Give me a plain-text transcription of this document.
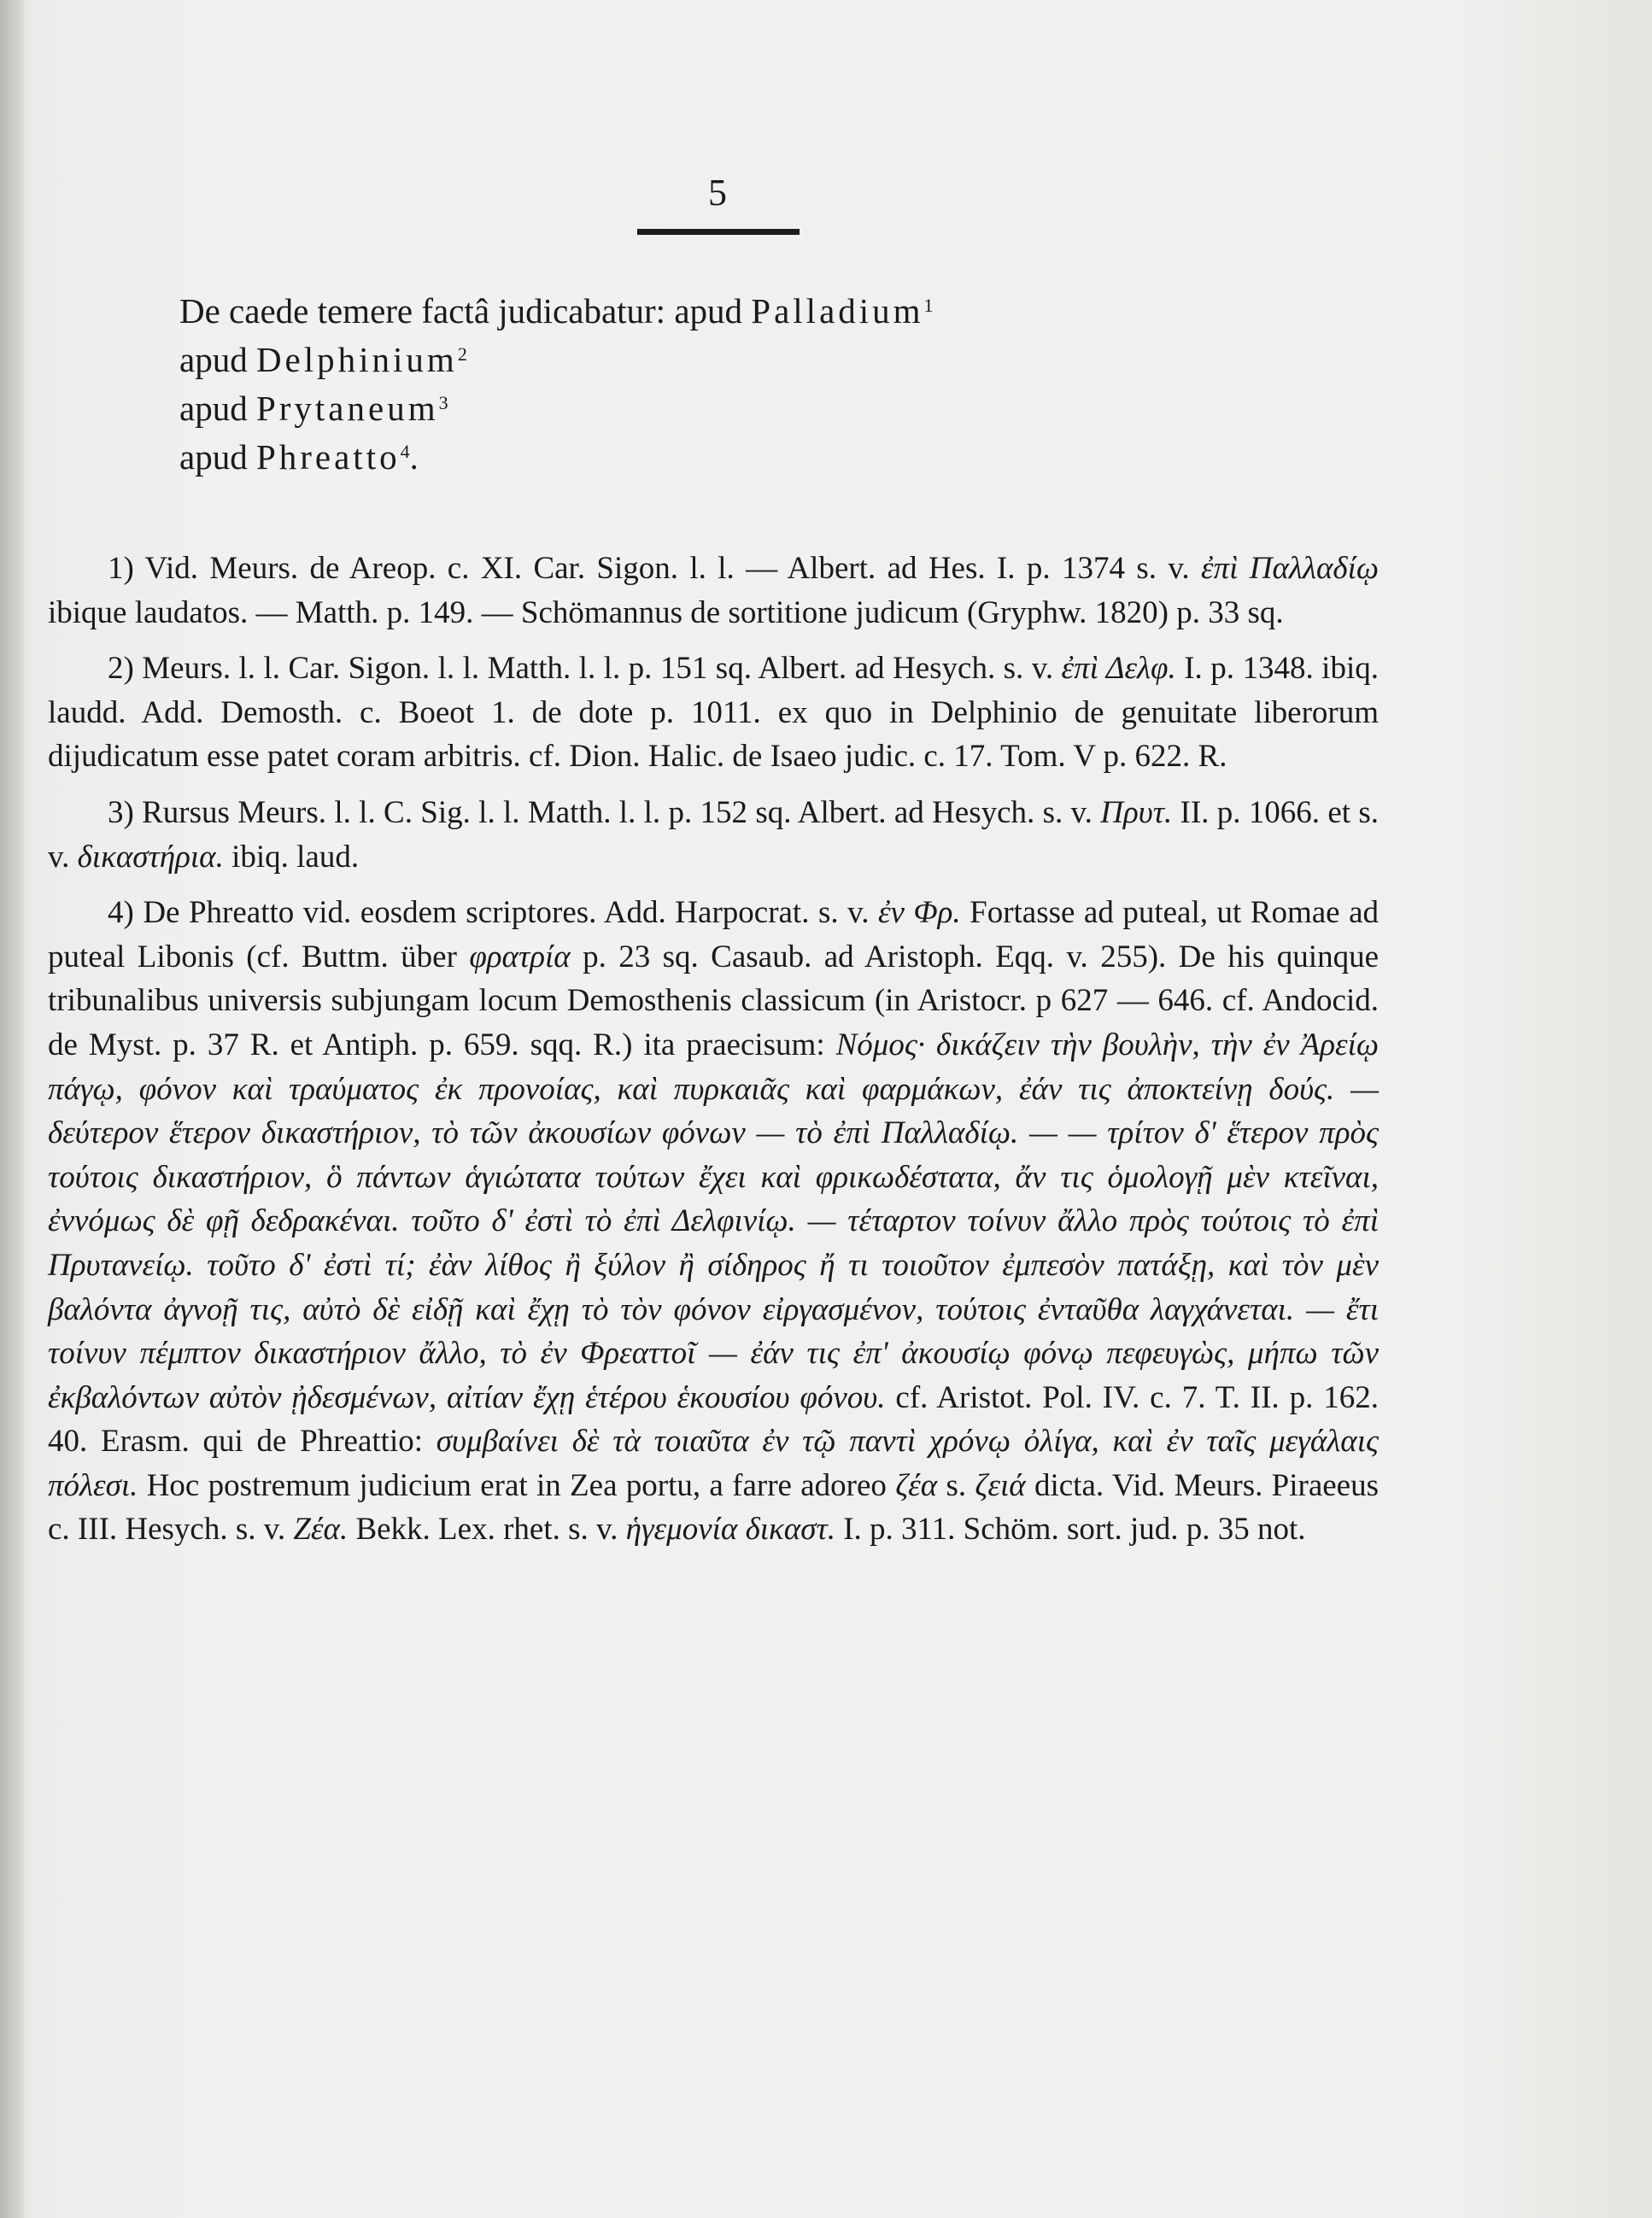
5
De caede temere factâ judicabatur: apud Palladium$^1$
apud Delphinium$^2$
apud Prytaneum$^3$
apud Phreatto$^4$.

1) Vid. Meurs. de Areop. c. XI. Car. Sigon. l. l. — Albert. ad Hes. I. p. 1374 s. v. ἐπὶ Παλλαδίῳ ibique laudatos. — Matth. p. 149. — Schömannus de sortitione judicum (Gryphw. 1820) p. 33 sq.

2) Meurs. l. l. Car. Sigon. l. l. Matth. l. l. p. 151 sq. Albert. ad Hesych. s. v. ἐπὶ Δελφ. I. p. 1348. ibiq. laudd. Add. Demosth. c. Boeot 1. de dote p. 1011. ex quo in Delphinio de genuitate liberorum dijudicatum esse patet coram arbitris. cf. Dion. Halic. de Isaeo judic. c. 17. Tom. V p. 622. R.

3) Rursus Meurs. l. l. C. Sig. l. l. Matth. l. l. p. 152 sq. Albert. ad Hesych. s. v. Πρυτ. II. p. 1066. et s. v. δικαστήρια. ibiq. laud.

4) De Phreatto vid. eosdem scriptores. Add. Harpocrat. s. v. ἐν Φρ. Fortasse ad puteal, ut Romae ad puteal Libonis (cf. Buttm. über φρατρία p. 23 sq. Casaub. ad Aristoph. Eqq. v. 255). De his quinque tribunalibus universis subjungam locum Demosthenis classicum (in Aristocr. p 627 — 646. cf. Andocid. de Myst. p. 37 R. et Antiph. p. 659. sqq. R.) ita praecisum: Νόμος· δικάζειν τὴν βουλὴν, τὴν ἐν Ἀρείῳ πάγῳ, φόνον καὶ τραύματος ἐκ προνοίας, καὶ πυρκαιᾶς καὶ φαρμάκων, ἐάν τις ἀποκτείνῃ δούς. — δεύτερον ἕτερον δικαστήριον, τὸ τῶν ἀκουσίων φόνων — τὸ ἐπὶ Παλλαδίῳ. — — τρίτον δ' ἕτερον πρὸς τούτοις δικαστήριον, ὃ πάντων ἁγιώτατα τούτων ἔχει καὶ φρικωδέστατα, ἄν τις ὁμολογῇ μὲν κτεῖναι, ἐννόμως δὲ φῇ δεδρακέναι. τοῦτο δ' ἐστὶ τὸ ἐπὶ Δελφινίῳ. — τέταρτον τοίνυν ἄλλο πρὸς τούτοις τὸ ἐπὶ Πρυτανείῳ. τοῦτο δ' ἐστὶ τί; ἐὰν λίθος ἢ ξύλον ἢ σίδηρος ἤ τι τοιοῦτον ἐμπεσὸν πατάξῃ, καὶ τὸν μὲν βαλόντα ἀγνοῇ τις, αὐτὸ δὲ εἰδῇ καὶ ἔχῃ τὸ τὸν φόνον εἰργασμένον, τούτοις ἐνταῦθα λαγχάνεται. — ἔτι τοίνυν πέμπτον δικαστήριον ἄλλο, τὸ ἐν Φρεαττοῖ — ἐάν τις ἐπ' ἀκουσίῳ φόνῳ πεφευγὼς, μήπω τῶν ἐκβαλόντων αὐτὸν ᾐδεσμένων, αἰτίαν ἔχῃ ἑτέρου ἑκουσίου φόνου. cf. Aristot. Pol. IV. c. 7. T. II. p. 162. 40. Erasm. qui de Phreattio: συμβαίνει δὲ τὰ τοιαῦτα ἐν τῷ παντὶ χρόνῳ ὀλίγα, καὶ ἐν ταῖς μεγάλαις πόλεσι. Hoc postremum judicium erat in Zea portu, a farre adoreo ζέα s. ζειά dicta. Vid. Meurs. Piraeeus c. III. Hesych. s. v. Ζέα. Bekk. Lex. rhet. s. v. ἡγεμονία δικαστ. I. p. 311. Schöm. sort. jud. p. 35 not.
